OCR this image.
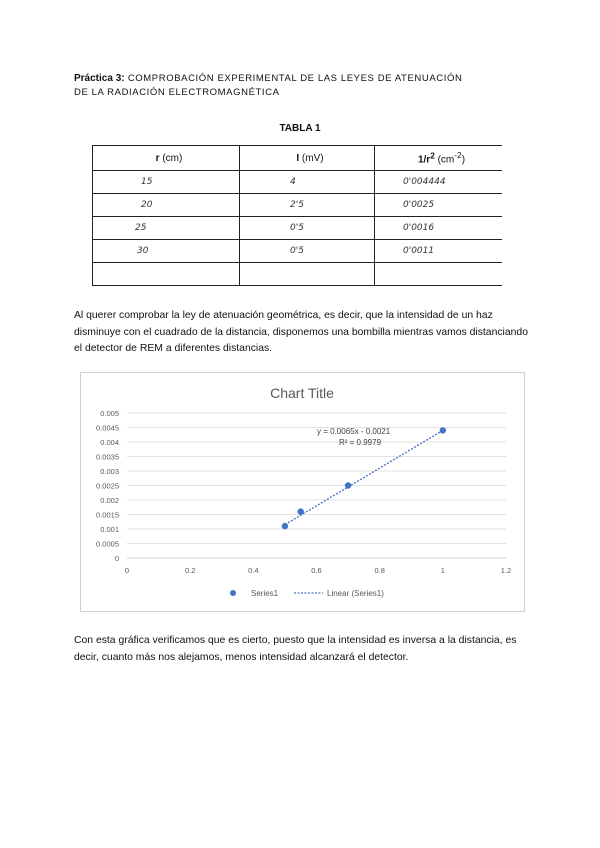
Práctica 3: COMPROBACIÓN EXPERIMENTAL DE LAS LEYES DE ATENUACIÓN
DE LA RADIACIÓN ELECTROMAGNÉTICA
TABLA 1
r (cm)	I (mV)	$1/r^2$ $(cm^{-2})$
15	4	0'004444
20	2'5	0'0025
25	0'5	0'0016
30	0'5	0'0011

Al querer comprobar la ley de atenuación geométrica, es decir, que la intensidad de un haz disminuye con el cuadrado de la distancia, disponemos una bombilla mientras vamos distanciando el detector de REM a diferentes distancias.
Chart Title
0
0.0005
0.001
0.0015
0.002
0.0025
0.003
0.0035
0.004
0.0045
0.005
0	0.2	0.4	0.6	0.8	1	1.2
y = 0.0065x - 0.0021
R² = 0.9979
Series1	Linear (Series1)
Con esta gráfica verificamos que es cierto, puesto que la intensidad es inversa a la distancia, es decir, cuanto más nos alejamos, menos intensidad alcanzará el detector.
